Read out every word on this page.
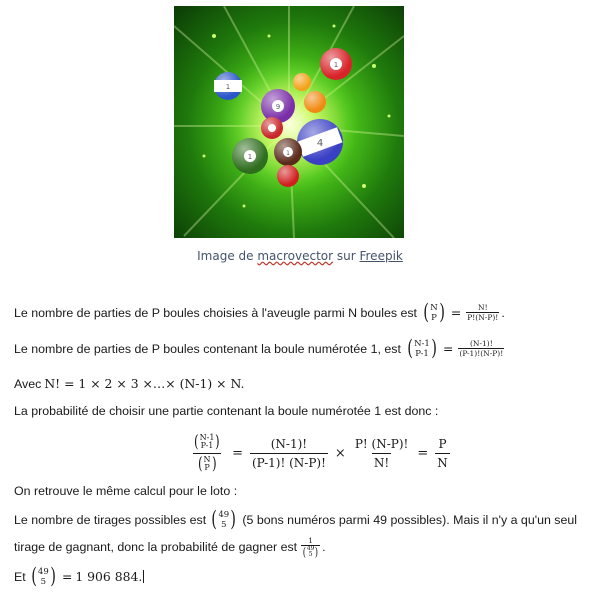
Image de macrovector sur Freepik
Le nombre de parties de P boules choisies à l'aveugle parmi N boules est ( N
P ) = $\frac{N!}{P!(N-P)!}$ .
Le nombre de parties de P boules contenant la boule numérotée 1, est ( N-1
P-1 ) = $\frac{(N-1)!}{(P-1)!(N-P)!}$
Avec N! = 1 × 2 × 3 ×…× (N-1) × N.
La probabilité de choisir une partie contenant la boule numérotée 1 est donc :
( N-1
P-1 )
( N
P ) = $\frac{(N-1)!}{(P-1)! (N-P)!} \times \frac{P! (N-P)!}{N!} = \frac{P}{N}$
On retrouve le même calcul pour le loto :
Le nombre de tirages possibles est ( 49
5 ) (5 bons numéros parmi 49 possibles). Mais il n'y a qu'un seul
tirage de gagnant, donc la probabilité de gagner est 1
( 49
5 ) .
Et ( 49
5 ) = 1 906 884.
